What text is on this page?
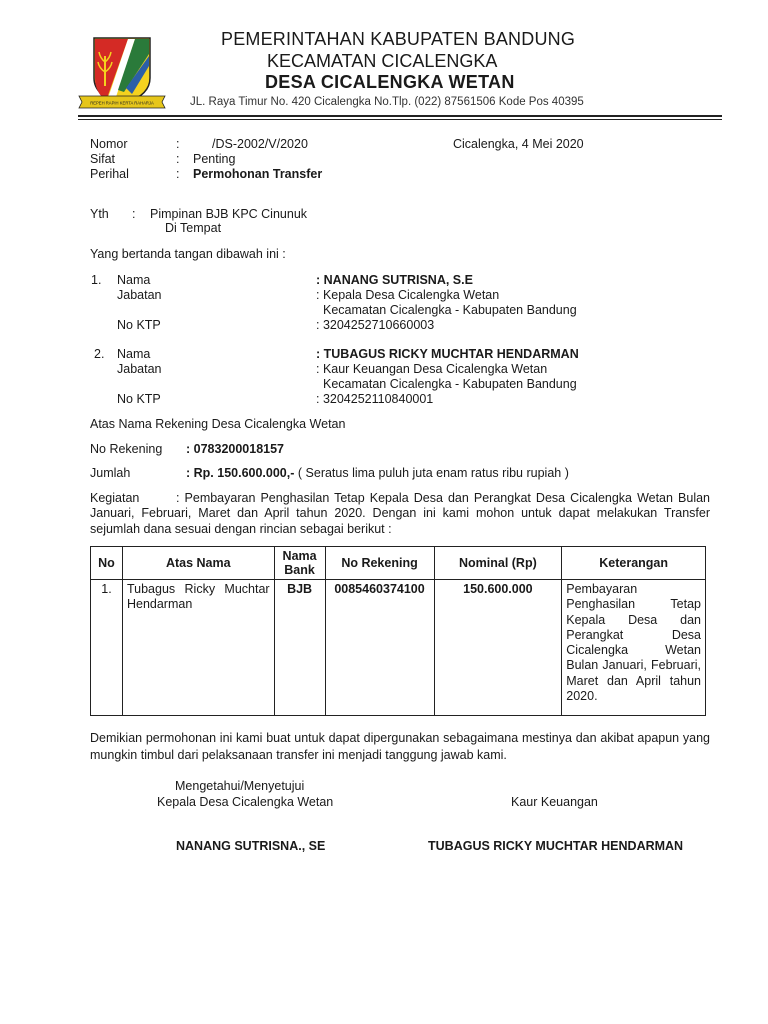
REPEH RAPIH KERTA RAHARJA
PEMERINTAHAN KABUPATEN BANDUNG
KECAMATAN CICALENGKA
DESA CICALENGKA WETAN
JL. Raya Timur No. 420 Cicalengka No.Tlp. (022) 87561506 Kode Pos 40395
Nomor	:	/DS-2002/V/2020	Cicalengka, 4 Mei 2020
Sifat	: Penting
Perihal	: Permohonan Transfer
Yth : Pimpinan BJB KPC Cinunuk
Di Tempat
Yang bertanda tangan dibawah ini :
1. Nama	: NANANG SUTRISNA, S.E
Jabatan	: Kepala Desa Cicalengka Wetan
Kecamatan Cicalengka - Kabupaten Bandung
No KTP	: 3204252710660003
2. Nama	: TUBAGUS RICKY MUCHTAR HENDARMAN
Jabatan	: Kaur Keuangan Desa Cicalengka Wetan
Kecamatan Cicalengka - Kabupaten Bandung
No KTP	: 3204252110840001
Atas Nama Rekening Desa Cicalengka Wetan
No Rekening : 0783200018157
Jumlah	: Rp. 150.600.000,- ( Seratus lima puluh juta enam ratus ribu rupiah )
Kegiatan	: Pembayaran Penghasilan Tetap Kepala Desa dan Perangkat Desa Cicalengka Wetan Bulan Januari, Februari, Maret dan April tahun 2020. Dengan ini kami mohon untuk dapat melakukan Transfer sejumlah dana sesuai dengan rincian sebagai berikut :
No	Atas Nama	Nama Bank	No Rekening	Nominal (Rp)	Keterangan
1.	Tubagus Ricky Muchtar Hendarman	BJB	0085460374100	150.600.000	Pembayaran Penghasilan Tetap Kepala Desa dan Perangkat Desa Cicalengka Wetan Bulan Januari, Februari, Maret dan April tahun 2020.
Demikian permohonan ini kami buat untuk dapat dipergunakan sebagaimana mestinya dan akibat apapun yang mungkin timbul dari pelaksanaan transfer ini menjadi tanggung jawab kami.
Mengetahui/Menyetujui
Kepala Desa Cicalengka Wetan	Kaur Keuangan
NANANG SUTRISNA., SE	TUBAGUS RICKY MUCHTAR HENDARMAN
